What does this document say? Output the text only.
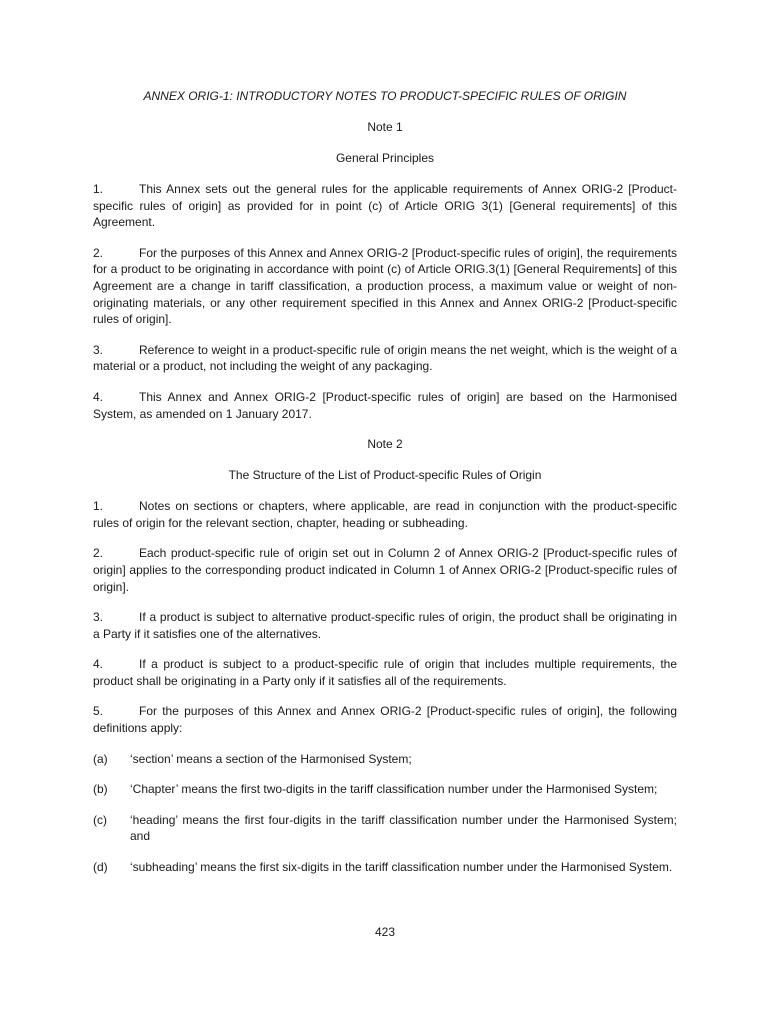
ANNEX ORIG-1: INTRODUCTORY NOTES TO PRODUCT-SPECIFIC RULES OF ORIGIN
Note 1
General Principles
1.	This Annex sets out the general rules for the applicable requirements of Annex ORIG-2 [Product-specific rules of origin] as provided for in point (c) of Article ORIG 3(1) [General requirements] of this Agreement.
2.	For the purposes of this Annex and Annex ORIG-2 [Product-specific rules of origin], the requirements for a product to be originating in accordance with point (c) of Article ORIG.3(1) [General Requirements] of this Agreement are a change in tariff classification, a production process, a maximum value or weight of non-originating materials, or any other requirement specified in this Annex and Annex ORIG-2 [Product-specific rules of origin].
3.	Reference to weight in a product-specific rule of origin means the net weight, which is the weight of a material or a product, not including the weight of any packaging.
4.	This Annex and Annex ORIG-2 [Product-specific rules of origin] are based on the Harmonised System, as amended on 1 January 2017.
Note 2
The Structure of the List of Product-specific Rules of Origin
1.	Notes on sections or chapters, where applicable, are read in conjunction with the product-specific rules of origin for the relevant section, chapter, heading or subheading.
2.	Each product-specific rule of origin set out in Column 2 of Annex ORIG-2 [Product-specific rules of origin] applies to the corresponding product indicated in Column 1 of Annex ORIG-2 [Product-specific rules of origin].
3.	If a product is subject to alternative product-specific rules of origin, the product shall be originating in a Party if it satisfies one of the alternatives.
4.	If a product is subject to a product-specific rule of origin that includes multiple requirements, the product shall be originating in a Party only if it satisfies all of the requirements.
5.	For the purposes of this Annex and Annex ORIG-2 [Product-specific rules of origin], the following definitions apply:
(a) ‘section’ means a section of the Harmonised System;
(b) ‘Chapter’ means the first two-digits in the tariff classification number under the Harmonised System;
(c) ‘heading’ means the first four-digits in the tariff classification number under the Harmonised System; and
(d) ‘subheading’ means the first six-digits in the tariff classification number under the Harmonised System.
423
